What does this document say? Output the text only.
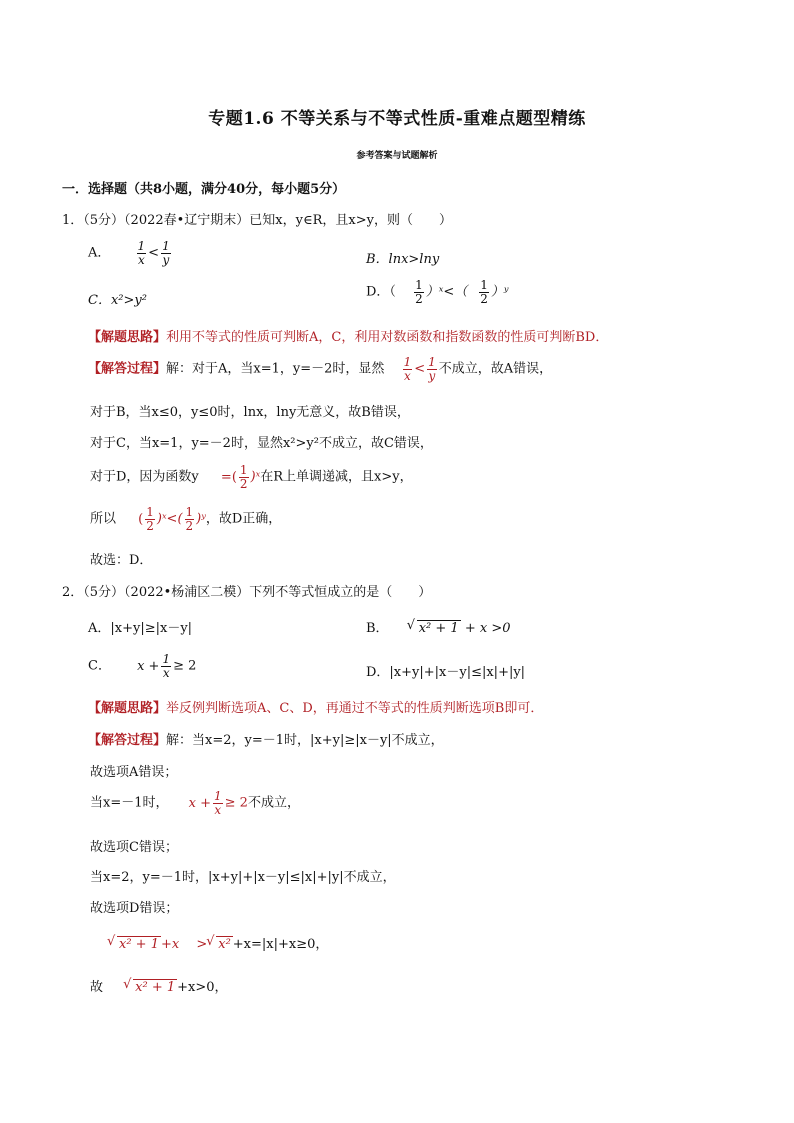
专题1.6 不等关系与不等式性质-重难点题型精练
参考答案与试题解析
一．选择题（共8小题，满分40分，每小题5分）
1．（5分）（2022春•辽宁期末）已知x，y∈R，且x>y，则（　　）
A． $\frac{1}{x} < \frac{1}{y}$	B．lnx>lny
C．x²>y²
D．（ $\frac{1}{2}$ ）ˣ<（ $\frac{1}{2}$ ）ʸ
【解题思路】利用不等式的性质可判断A，C，利用对数函数和指数函数的性质可判断BD．
【解答过程】解：对于A，当x=1，y=－2时，显然 $\frac{1}{x} < \frac{1}{y}$ 不成立，故A错误，
对于B，当x≤0，y≤0时，lnx，lny无意义，故B错误，
对于C，当x=1，y=－2时，显然x²>y²不成立，故C错误，
对于D，因为函数y =( $\frac{1}{2}$ )ˣ在R上单调递减，且x>y，
所以 ( $\frac{1}{2}$ )ˣ<( $\frac{1}{2}$ )ʸ，故D正确，
故选：D．
2．（5分）（2022•杨浦区二模）下列不等式恒成立的是（　　）
A．|x+y|≥|x－y|	B． √ x² + 1 + x >0
C． $x + \frac{1}{x} \ge 2$	D．|x+y|+|x－y|≤|x|+|y|
【解题思路】举反例判断选项A、C、D，再通过不等式的性质判断选项B即可．
【解答过程】解：当x=2，y=－1时，|x+y|≥|x－y|不成立，
故选项A错误；
当x=－1时， $x + \frac{1}{x} \ge 2$不成立，
故选项C错误；
当x=2，y=－1时，|x+y|+|x－y|≤|x|+|y|不成立，
故选项D错误；
√ x² + 1 +x　 > √ x² +x=|x|+x≥0，
故 √ x² + 1 +x>0，
